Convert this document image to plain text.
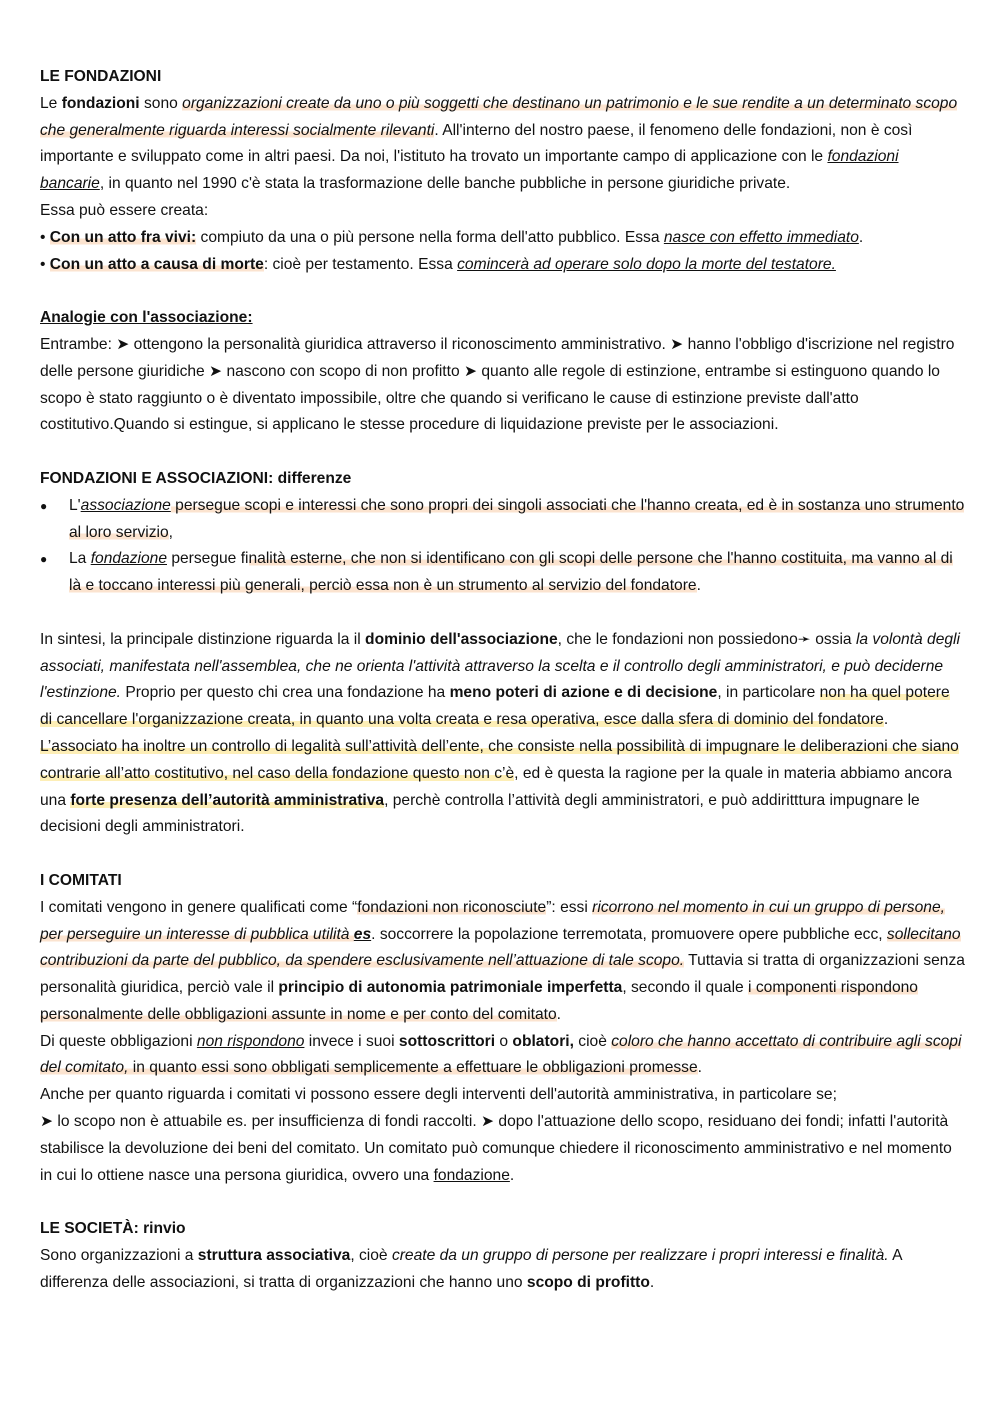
LE FONDAZIONI

Le fondazioni sono organizzazioni create da uno o più soggetti che destinano un patrimonio e le sue rendite a un determinato scopo che generalmente riguarda interessi socialmente rilevanti. All'interno del nostro paese, il fenomeno delle fondazioni, non è così importante e sviluppato come in altri paesi. Da noi, l'istituto ha trovato un importante campo di applicazione con le fondazioni bancarie, in quanto nel 1990 c'è stata la trasformazione delle banche pubbliche in persone giuridiche private.

Essa può essere creata:

• Con un atto fra vivi: compiuto da una o più persone nella forma dell'atto pubblico. Essa nasce con effetto immediato.

• Con un atto a causa di morte: cioè per testamento. Essa comincerà ad operare solo dopo la morte del testatore.

Analogie con l'associazione:

Entrambe: ➤ ottengono la personalità giuridica attraverso il riconoscimento amministrativo. ➤ hanno l'obbligo d'iscrizione nel registro delle persone giuridiche ➤ nascono con scopo di non profitto ➤ quanto alle regole di estinzione, entrambe si estinguono quando lo scopo è stato raggiunto o è diventato impossibile, oltre che quando si verificano le cause di estinzione previste dall'atto costitutivo.Quando si estingue, si applicano le stesse procedure di liquidazione previste per le associazioni.

FONDAZIONI E ASSOCIAZIONI: differenze

● L'associazione persegue scopi e interessi che sono propri dei singoli associati che l'hanno creata, ed è in sostanza uno strumento al loro servizio,
● La fondazione persegue finalità esterne, che non si identificano con gli scopi delle persone che l'hanno costituita, ma vanno al di là e toccano interessi più generali, perciò essa non è un strumento al servizio del fondatore.

In sintesi, la principale distinzione riguarda la il dominio dell'associazione, che le fondazioni non possiedono➛ ossia la volontà degli associati, manifestata nell'assemblea, che ne orienta l'attività attraverso la scelta e il controllo degli amministratori, e può deciderne l'estinzione. Proprio per questo chi crea una fondazione ha meno poteri di azione e di decisione, in particolare non ha quel potere di cancellare l'organizzazione creata, in quanto una volta creata e resa operativa, esce dalla sfera di dominio del fondatore. L’associato ha inoltre un controllo di legalità sull’attività dell’ente, che consiste nella possibilità di impugnare le deliberazioni che siano contrarie all’atto costitutivo, nel caso della fondazione questo non c’è, ed è questa la ragione per la quale in materia abbiamo ancora una forte presenza dell’autorità amministrativa, perchè controlla l’attività degli amministratori, e può addiritttura impugnare le decisioni degli amministratori.

I COMITATI

I comitati vengono in genere qualificati come “fondazioni non riconosciute”: essi ricorrono nel momento in cui un gruppo di persone, per perseguire un interesse di pubblica utilità es. soccorrere la popolazione terremotata, promuovere opere pubbliche ecc, sollecitano contribuzioni da parte del pubblico, da spendere esclusivamente nell’attuazione di tale scopo. Tuttavia si tratta di organizzazioni senza personalità giuridica, perciò vale il principio di autonomia patrimoniale imperfetta, secondo il quale i componenti rispondono personalmente delle obbligazioni assunte in nome e per conto del comitato.

Di queste obbligazioni non rispondono invece i suoi sottoscrittori o oblatori, cioè coloro che hanno accettato di contribuire agli scopi del comitato, in quanto essi sono obbligati semplicemente a effettuare le obbligazioni promesse.

Anche per quanto riguarda i comitati vi possono essere degli interventi dell'autorità amministrativa, in particolare se;

➤ lo scopo non è attuabile es. per insufficienza di fondi raccolti. ➤ dopo l'attuazione dello scopo, residuano dei fondi; infatti l'autorità stabilisce la devoluzione dei beni del comitato. Un comitato può comunque chiedere il riconoscimento amministrativo e nel momento in cui lo ottiene nasce una persona giuridica, ovvero una fondazione.

LE SOCIETÀ: rinvio

Sono organizzazioni a struttura associativa, cioè create da un gruppo di persone per realizzare i propri interessi e finalità. A differenza delle associazioni, si tratta di organizzazioni che hanno uno scopo di profitto.
